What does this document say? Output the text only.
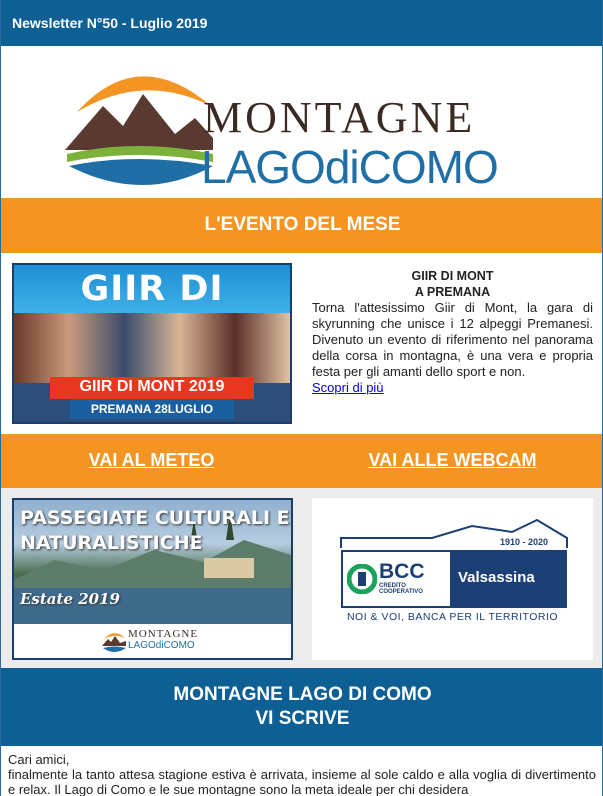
Newsletter N°50 - Luglio 2019
MONTAGNE
LAGOdiCOMO
L'EVENTO DEL MESE
GIIR DI
GIIR DI MONT 2019
PREMANA 28LUGLIO
GIIR DI MONT
A PREMANA
Torna l'attesissimo Giir di Mont, la gara di skyrunning che unisce i 12 alpeggi Premanesi. Divenuto un evento di riferimento nel panorama della corsa in montagna, è una vera e propria festa per gli amanti dello sport e non.
Scopri di più
VAI AL METEO	VAI ALLE WEBCAM
PASSEGIATE CULTURALI E
NATURALISTICHE
Estate 2019
MONTAGNE
LAGOdiCOMO
1910 - 2020
BCC
CREDITO COOPERATIVO
Valsassina
NOI & VOI, BANCA PER IL TERRITORIO
MONTAGNE LAGO DI COMO
VI SCRIVE
Cari amici,
finalmente la tanto attesa stagione estiva è arrivata, insieme al sole caldo e alla voglia di divertimento e relax. Il Lago di Como e le sue montagne sono la meta ideale per chi desidera
